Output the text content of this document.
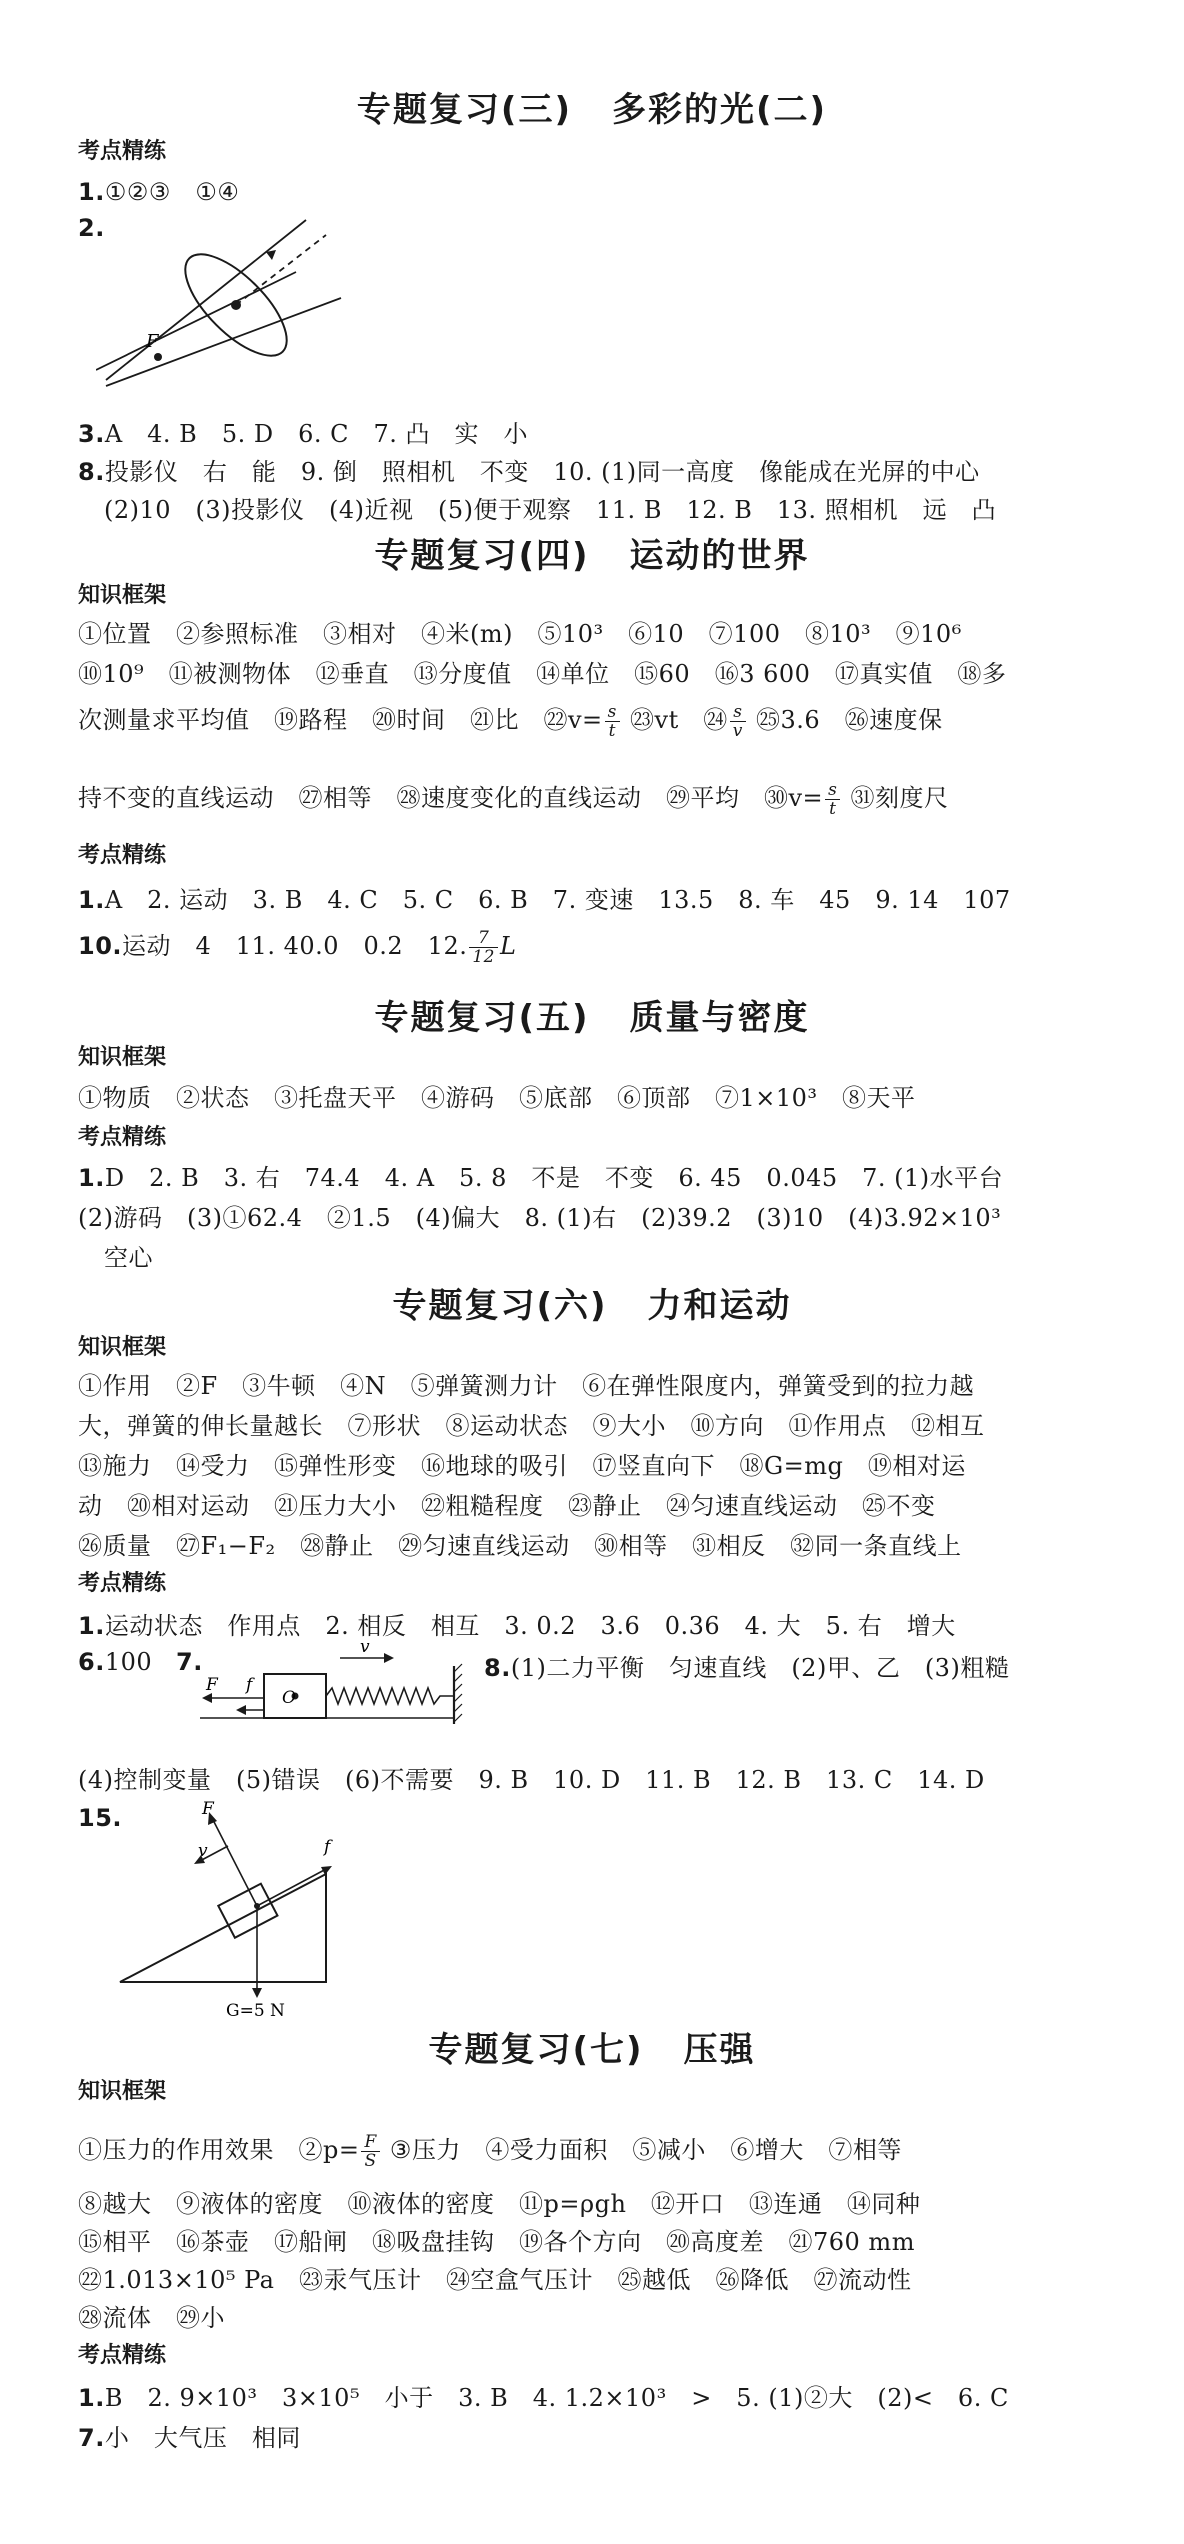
专题复习(三) 多彩的光(二)
考点精练
1.①②③　①④
2.
F
3.A　4. B　5. D　6. C　7. 凸　实　小
8.投影仪　右　能　9. 倒　照相机　不变　10. (1)同一高度　像能成在光屏的中心
(2)10　(3)投影仪　(4)近视　(5)便于观察　11. B　12. B　13. 照相机　远　凸
专题复习(四) 运动的世界
知识框架
①位置　②参照标准　③相对　④米(m)　⑤10³　⑥10　⑦100　⑧10³　⑨10⁶
⑩10⁹　⑪被测物体　⑫垂直　⑬分度值　⑭单位　⑮60　⑯3 600　⑰真实值　⑱多
次测量求平均值　⑲路程　⑳时间　㉑比　㉒v= $\frac{s}{t}$ ㉓vt　㉔ $\frac{s}{v}$ ㉕3.6　㉖速度保
持不变的直线运动　㉗相等　㉘速度变化的直线运动　㉙平均　㉚v= $\frac{s}{t}$ ㉛刻度尺
考点精练
1.A　2. 运动　3. B　4. C　5. C　6. B　7. 变速　13.5　8. 车　45　9. 14　107
10.运动　4　11. 40.0　0.2　12. $\frac{7}{12}$ L
专题复习(五) 质量与密度
知识框架
①物质　②状态　③托盘天平　④游码　⑤底部　⑥顶部　⑦1×10³　⑧天平
考点精练
1.D　2. B　3. 右　74.4　4. A　5. 8　不是　不变　6. 45　0.045　7. (1)水平台
(2)游码　(3)①62.4　②1.5　(4)偏大　8. (1)右　(2)39.2　(3)10　(4)3.92×10³
空心
专题复习(六) 力和运动
知识框架
①作用　②F　③牛顿　④N　⑤弹簧测力计　⑥在弹性限度内，弹簧受到的拉力越
大，弹簧的伸长量越长　⑦形状　⑧运动状态　⑨大小　⑩方向　⑪作用点　⑫相互
⑬施力　⑭受力　⑮弹性形变　⑯地球的吸引　⑰竖直向下　⑱G=mg　⑲相对运
动　⑳相对运动　㉑压力大小　㉒粗糙程度　㉓静止　㉔匀速直线运动　㉕不变
㉖质量　㉗F₁−F₂　㉘静止　㉙匀速直线运动　㉚相等　㉛相反　㉜同一条直线上
考点精练
1.运动状态　作用点　2. 相反　相互　3. 0.2　3.6　0.36　4. 大　5. 右　增大
6.100 7.
O
F f
v
8.(1)二力平衡　匀速直线　(2)甲、乙　(3)粗糙
(4)控制变量　(5)错误　(6)不需要　9. B　10. D　11. B　12. B　13. C　14. D
15.	F
f
v
G=5 N
专题复习(七) 压强
知识框架
①压力的作用效果　②p= $\frac{F}{S}$ ③压力　④受力面积　⑤减小　⑥增大　⑦相等
⑧越大　⑨液体的密度　⑩液体的密度　⑪p=ρgh　⑫开口　⑬连通　⑭同种
⑮相平　⑯茶壶　⑰船闸　⑱吸盘挂钩　⑲各个方向　⑳高度差　㉑760 mm
㉒1.013×10⁵ Pa　㉓汞气压计　㉔空盒气压计　㉕越低　㉖降低　㉗流动性
㉘流体　㉙小
考点精练
1.B　2. 9×10³　3×10⁵　小于　3. B　4. 1.2×10³　>　5. (1)②大　(2)<　6. C
7.小　大气压　相同
